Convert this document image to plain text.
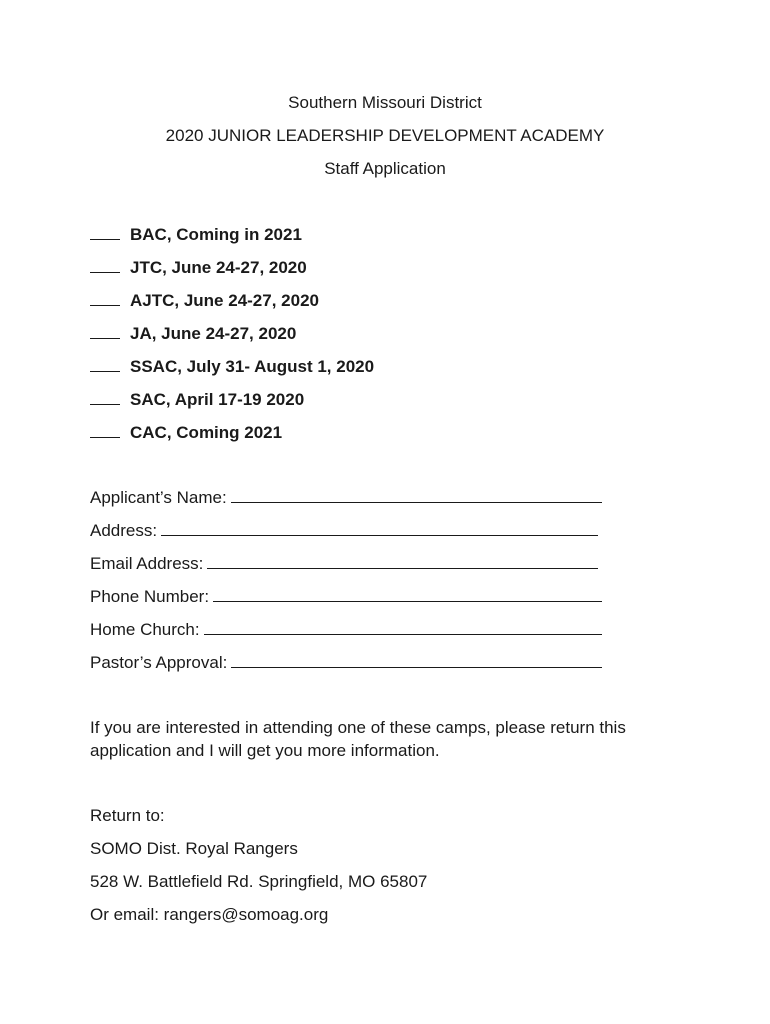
Southern Missouri District
2020 JUNIOR LEADERSHIP DEVELOPMENT ACADEMY
Staff Application
BAC, Coming in 2021
JTC, June 24-27, 2020
AJTC, June 24-27, 2020
JA, June 24-27, 2020
SSAC, July 31- August 1, 2020
SAC, April 17-19 2020
CAC, Coming 2021
Applicant’s Name:
Address:
Email Address:
Phone Number:
Home Church:
Pastor’s Approval:
If you are interested in attending one of these camps, please return this application and I will get you more information.
Return to:
SOMO Dist. Royal Rangers
528 W. Battlefield Rd. Springfield, MO 65807
Or email: rangers@somoag.org
